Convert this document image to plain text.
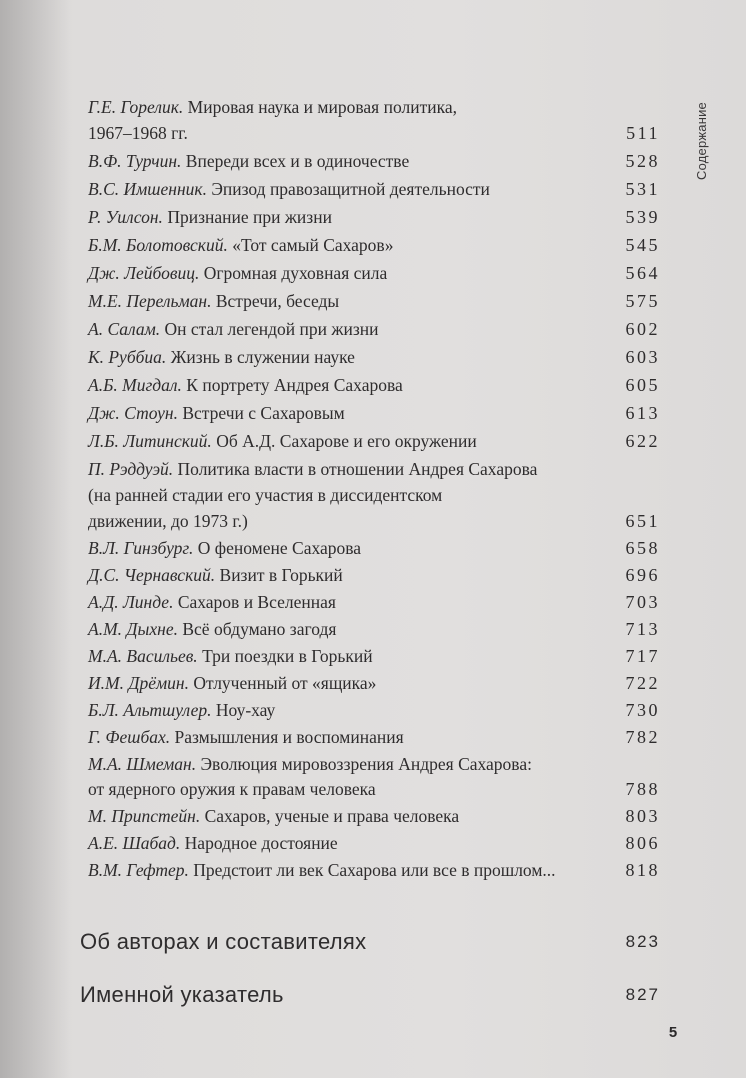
Содержание
Г.Е. Горелик. Мировая наука и мировая политика,
1967–1968 гг.	511
В.Ф. Турчин. Впереди всех и в одиночестве	528
В.С. Имшенник. Эпизод правозащитной деятельности	531
Р. Уилсон. Признание при жизни	539
Б.М. Болотовский. «Тот самый Сахаров»	545
Дж. Лейбовиц. Огромная духовная сила	564
М.Е. Перельман. Встречи, беседы	575
А. Салам. Он стал легендой при жизни	602
К. Руббиа. Жизнь в служении науке	603
А.Б. Мигдал. К портрету Андрея Сахарова	605
Дж. Стоун. Встречи с Сахаровым	613
Л.Б. Литинский. Об А.Д. Сахарове и его окружении	622
П. Рэддуэй. Политика власти в отношении Андрея Сахарова
(на ранней стадии его участия в диссидентском
движении, до 1973 г.)	651
В.Л. Гинзбург. О феномене Сахарова	658
Д.С. Чернавский. Визит в Горький	696
А.Д. Линде. Сахаров и Вселенная	703
А.М. Дыхне. Всё обдумано загодя	713
М.А. Васильев. Три поездки в Горький	717
И.М. Дрёмин. Отлученный от «ящика»	722
Б.Л. Альтшулер. Ноу-хау	730
Г. Фешбах. Размышления и воспоминания	782
М.А. Шмеман. Эволюция мировоззрения Андрея Сахарова:
от ядерного оружия к правам человека	788
М. Припстейн. Сахаров, ученые и права человека	803
А.Е. Шабад. Народное достояние	806
В.М. Гефтер. Предстоит ли век Сахарова или все в прошлом...	818
Об авторах и составителях	823
Именной указатель	827
5
